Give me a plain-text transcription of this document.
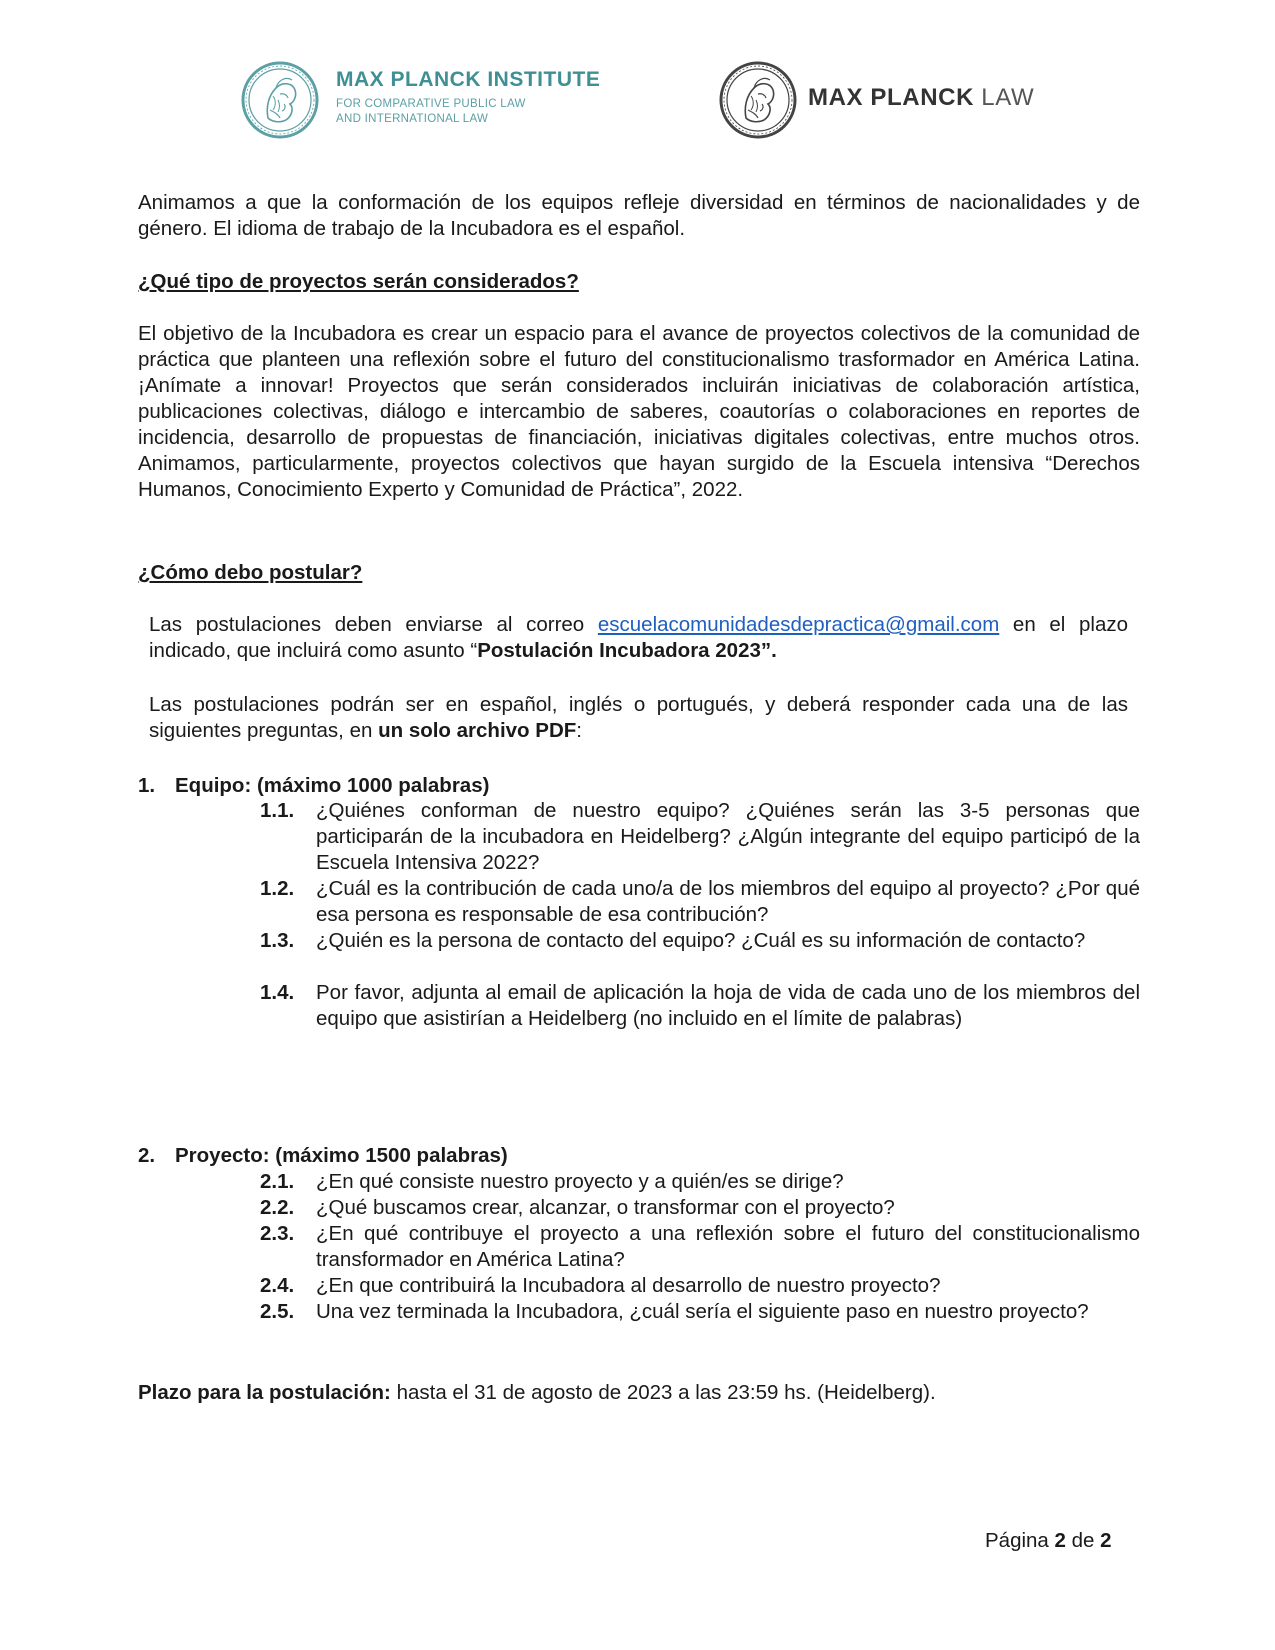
MAX PLANCK INSTITUTE
FOR COMPARATIVE PUBLIC LAW
AND INTERNATIONAL LAW
MAX PLANCK LAW
Animamos a que la conformación de los equipos refleje diversidad en términos de nacionalidades y de género. El idioma de trabajo de la Incubadora es el español.
¿Qué tipo de proyectos serán considerados?
El objetivo de la Incubadora es crear un espacio para el avance de proyectos colectivos de la comunidad de práctica que planteen una reflexión sobre el futuro del constitucionalismo trasformador en América Latina. ¡Anímate a innovar! Proyectos que serán considerados incluirán iniciativas de colaboración artística, publicaciones colectivas, diálogo e intercambio de saberes, coautorías o colaboraciones en reportes de incidencia, desarrollo de propuestas de financiación, iniciativas digitales colectivas, entre muchos otros. Animamos, particularmente, proyectos colectivos que hayan surgido de la Escuela intensiva “Derechos Humanos, Conocimiento Experto y Comunidad de Práctica”, 2022.
¿Cómo debo postular?
Las postulaciones deben enviarse al correo escuelacomunidadesdepractica@gmail.com en el plazo indicado, que incluirá como asunto “Postulación Incubadora 2023”.
Las postulaciones podrán ser en español, inglés o portugués, y deberá responder cada una de las siguientes preguntas, en un solo archivo PDF:
1. Equipo: (máximo 1000 palabras)
1.1. ¿Quiénes conforman de nuestro equipo? ¿Quiénes serán las 3-5 personas que participarán de la incubadora en Heidelberg? ¿Algún integrante del equipo participó de la Escuela Intensiva 2022?
1.2. ¿Cuál es la contribución de cada uno/a de los miembros del equipo al proyecto? ¿Por qué esa persona es responsable de esa contribución?
1.3. ¿Quién es la persona de contacto del equipo? ¿Cuál es su información de contacto?
1.4. Por favor, adjunta al email de aplicación la hoja de vida de cada uno de los miembros del equipo que asistirían a Heidelberg (no incluido en el límite de palabras)
2. Proyecto: (máximo 1500 palabras)
2.1. ¿En qué consiste nuestro proyecto y a quién/es se dirige?
2.2. ¿Qué buscamos crear, alcanzar, o transformar con el proyecto?
2.3. ¿En qué contribuye el proyecto a una reflexión sobre el futuro del constitucionalismo transformador en América Latina?
2.4. ¿En que contribuirá la Incubadora al desarrollo de nuestro proyecto?
2.5. Una vez terminada la Incubadora, ¿cuál sería el siguiente paso en nuestro proyecto?
Plazo para la postulación: hasta el 31 de agosto de 2023 a las 23:59 hs. (Heidelberg).
Página 2 de 2
